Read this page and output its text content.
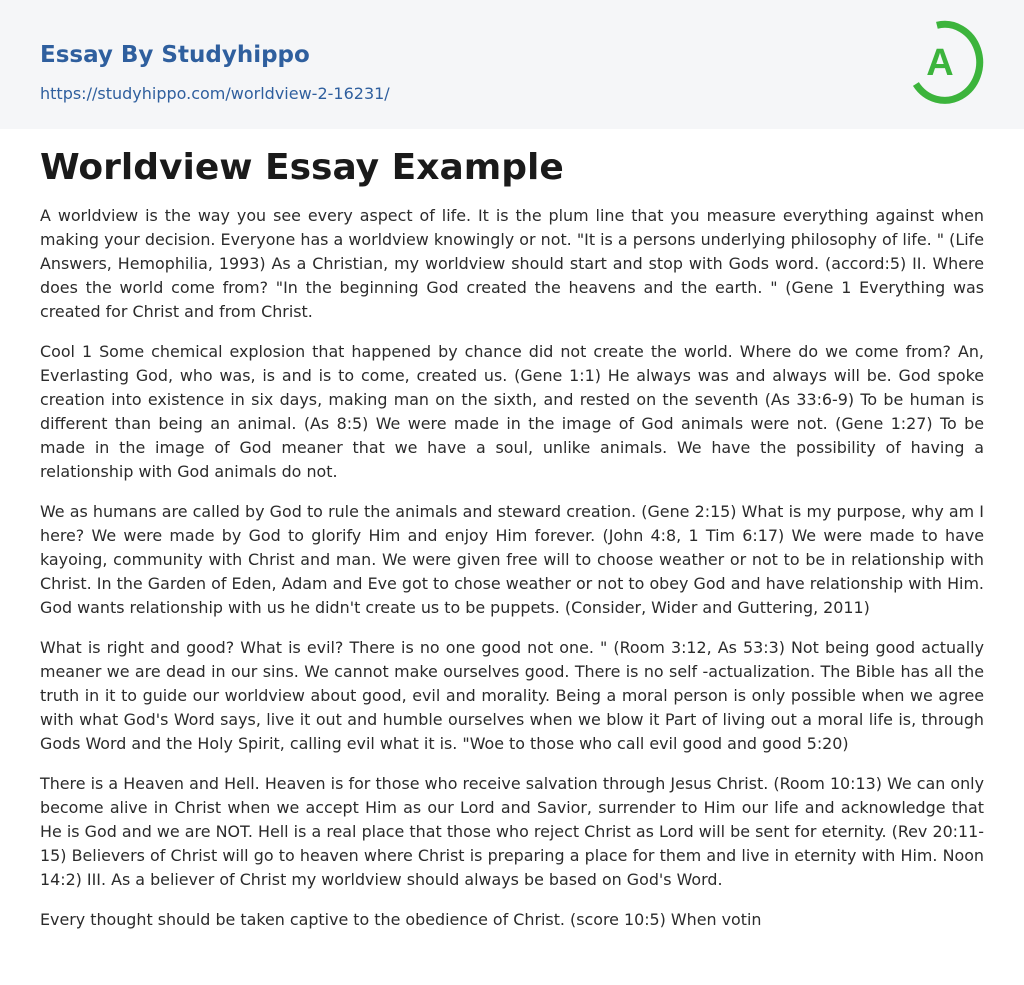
Essay By Studyhippo
https://studyhippo.com/worldview-2-16231/
A
Worldview Essay Example

A worldview is the way you see every aspect of life. It is the plum line that you measure everything against when making your decision. Everyone has a worldview knowingly or not. "It is a persons underlying philosophy of life. " (Life Answers, Hemophilia, 1993) As a Christian, my worldview should start and stop with Gods word. (accord:5) II. Where does the world come from? "In the beginning God created the heavens and the earth. " (Gene 1 Everything was created for Christ and from Christ.

Cool 1 Some chemical explosion that happened by chance did not create the world. Where do we come from? An, Everlasting God, who was, is and is to come, created us. (Gene 1:1) He always was and always will be. God spoke creation into existence in six days, making man on the sixth, and rested on the seventh (As 33:6-9) To be human is different than being an animal. (As 8:5) We were made in the image of God animals were not. (Gene 1:27) To be made in the image of God meaner that we have a soul, unlike animals. We have the possibility of having a relationship with God animals do not.

We as humans are called by God to rule the animals and steward creation. (Gene 2:15) What is my purpose, why am I here? We were made by God to glorify Him and enjoy Him forever. (John 4:8, 1 Tim 6:17) We were made to have kayoing, community with Christ and man. We were given free will to choose weather or not to be in relationship with Christ. In the Garden of Eden, Adam and Eve got to chose weather or not to obey God and have relationship with Him. God wants relationship with us he didn't create us to be puppets. (Consider, Wider and Guttering, 2011)

What is right and good? What is evil? There is no one good not one. " (Room 3:12, As 53:3) Not being good actually meaner we are dead in our sins. We cannot make ourselves good. There is no self -actualization. The Bible has all the truth in it to guide our worldview about good, evil and morality. Being a moral person is only possible when we agree with what God's Word says, live it out and humble ourselves when we blow it Part of living out a moral life is, through Gods Word and the Holy Spirit, calling evil what it is. "Woe to those who call evil good and good 5:20)

There is a Heaven and Hell. Heaven is for those who receive salvation through Jesus Christ. (Room 10:13) We can only become alive in Christ when we accept Him as our Lord and Savior, surrender to Him our life and acknowledge that He is God and we are NOT. Hell is a real place that those who reject Christ as Lord will be sent for eternity. (Rev 20:11-15) Believers of Christ will go to heaven where Christ is preparing a place for them and live in eternity with Him. Noon 14:2) III. As a believer of Christ my worldview should always be based on God's Word.

Every thought should be taken captive to the obedience of Christ. (score 10:5) When votin
